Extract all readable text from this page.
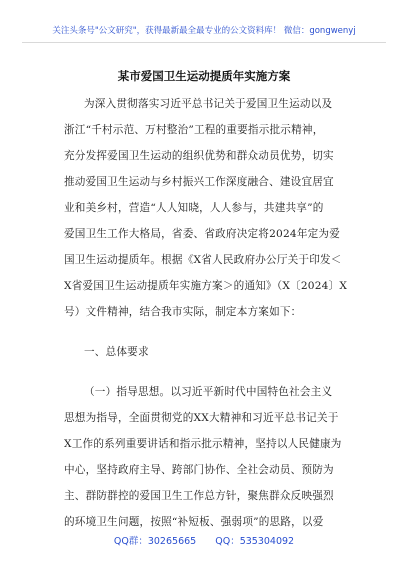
关注头条号"公文研究"，获得最新最全最专业的公文资料库！ 微信：gongwenyj
某市爱国卫生运动提质年实施方案
为深入贯彻落实习近平总书记关于爱国卫生运动以及
浙江“千村示范、万村整治”工程的重要指示批示精神，
充分发挥爱国卫生运动的组织优势和群众动员优势，切实
推动爱国卫生运动与乡村振兴工作深度融合、建设宜居宜
业和美乡村，营造“人人知晓，人人参与，共建共享”的
爱国卫生工作大格局，省委、省政府决定将2024年定为爱
国卫生运动提质年。根据《X省人民政府办公厅关于印发＜
X省爱国卫生运动提质年实施方案＞的通知》（X〔2024〕X
号）文件精神，结合我市实际，制定本方案如下：
一、总体要求
（一）指导思想。以习近平新时代中国特色社会主义
思想为指导，全面贯彻党的XX大精神和习近平总书记关于
X工作的系列重要讲话和指示批示精神，坚持以人民健康为
中心，坚持政府主导、跨部门协作、全社会动员、预防为
主、群防群控的爱国卫生工作总方针，聚焦群众反映强烈
的环境卫生问题，按照“补短板、强弱项”的思路，以爱
QQ群：30265665 QQ：535304092
